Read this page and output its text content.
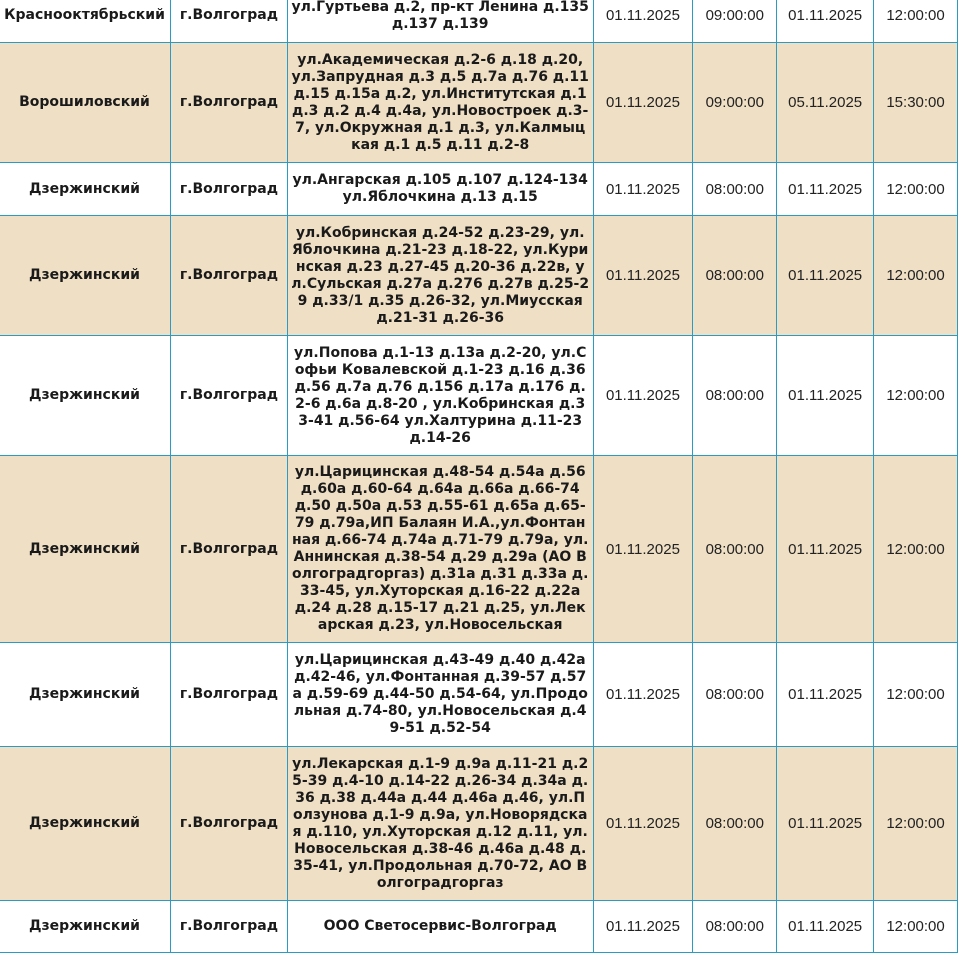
Краснооктябрьский	г.Волгоград	ул.Гуртьева д.2, пр-кт Ленина д.135 д.137 д.139	01.11.2025	09:00:00	01.11.2025	12:00:00
Ворошиловский	г.Волгоград	ул.Академическая д.2-6 д.18 д.20, ул.Запрудная д.3 д.5 д.7а д.76 д.11 д.15 д.15а д.2, ул.Институтская д.1 д.3 д.2 д.4 д.4а, ул.Новостроек д.3-7, ул.Окружная д.1 д.3, ул.Калмыцкая д.1 д.5 д.11 д.2-8	01.11.2025	09:00:00	05.11.2025	15:30:00
Дзержинский	г.Волгоград	ул.Ангарская д.105 д.107 д.124-134 ул.Яблочкина д.13 д.15	01.11.2025	08:00:00	01.11.2025	12:00:00
Дзержинский	г.Волгоград	ул.Кобринская д.24-52 д.23-29, ул.Яблочкина д.21-23 д.18-22, ул.Куринская д.23 д.27-45 д.20-36 д.22в, ул.Сульская д.27а д.276 д.27в д.25-29 д.33/1 д.35 д.26-32, ул.Миусская д.21-31 д.26-36	01.11.2025	08:00:00	01.11.2025	12:00:00
Дзержинский	г.Волгоград	ул.Попова д.1-13 д.13а д.2-20, ул.Софьи Ковалевской д.1-23 д.16 д.36 д.56 д.7а д.76 д.156 д.17а д.176 д.2-6 д.6а д.8-20 , ул.Кобринская д.33-41 д.56-64 ул.Халтурина д.11-23 д.14-26	01.11.2025	08:00:00	01.11.2025	12:00:00
Дзержинский	г.Волгоград	ул.Царицинская д.48-54 д.54а д.56 д.60а д.60-64 д.64а д.66а д.66-74 д.50 д.50а д.53 д.55-61 д.65а д.65-79 д.79а,ИП Балаян И.А.,ул.Фонтанная д.66-74 д.74а д.71-79 д.79а, ул.Аннинская д.38-54 д.29 д.29а (АО Волгоградгоргаз) д.31а д.31 д.33а д.33-45, ул.Хуторская д.16-22 д.22а д.24 д.28 д.15-17 д.21 д.25, ул.Лекарская д.23, ул.Новосельская	01.11.2025	08:00:00	01.11.2025	12:00:00
Дзержинский	г.Волгоград	ул.Царицинская д.43-49 д.40 д.42а д.42-46, ул.Фонтанная д.39-57 д.57а д.59-69 д.44-50 д.54-64, ул.Продольная д.74-80, ул.Новосельская д.49-51 д.52-54	01.11.2025	08:00:00	01.11.2025	12:00:00
Дзержинский	г.Волгоград	ул.Лекарская д.1-9 д.9а д.11-21 д.25-39 д.4-10 д.14-22 д.26-34 д.34а д.36 д.38 д.44а д.44 д.46а д.46, ул.Ползунова д.1-9 д.9а, ул.Новорядская д.110, ул.Хуторская д.12 д.11, ул.Новосельская д.38-46 д.46а д.48 д.35-41, ул.Продольная д.70-72, АО Волгоградгоргаз	01.11.2025	08:00:00	01.11.2025	12:00:00
Дзержинский	г.Волгоград	ООО Светосервис-Волгоград	01.11.2025	08:00:00	01.11.2025	12:00:00
